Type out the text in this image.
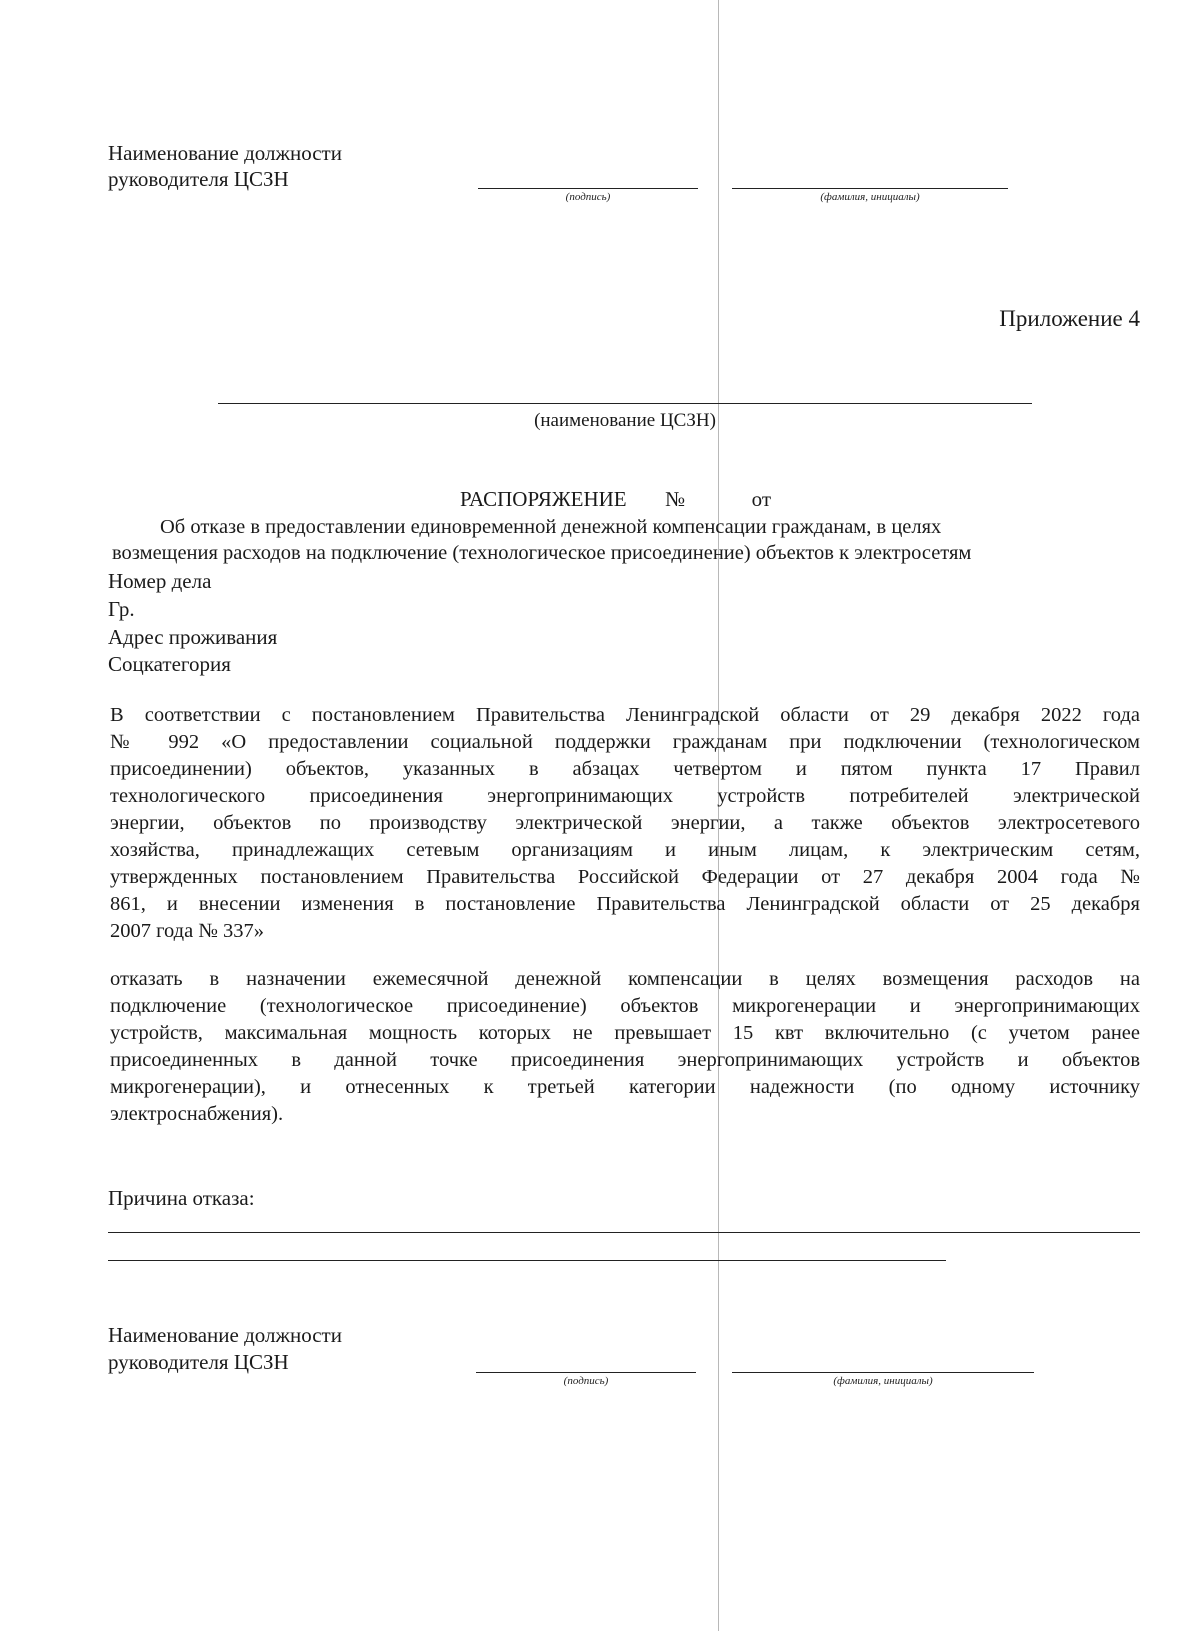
Наименование должности
руководителя ЦСЗН
(подпись)	(фамилия, инициалы)
Приложение 4
(наименование ЦСЗН)
РАСПОРЯЖЕНИЕ №	от
Об отказе в предоставлении единовременной денежной компенсации гражданам, в целях
возмещения расходов на подключение (технологическое присоединение) объектов к электросетям
Номер дела
Гр.
Адрес проживания
Соцкатегория
В соответствии с постановлением Правительства Ленинградской области от 29 декабря 2022 года
№ 992 «О предоставлении социальной поддержки гражданам при подключении (технологическом
присоединении) объектов, указанных в абзацах четвертом и пятом пункта 17 Правил
технологического присоединения энергопринимающих устройств потребителей электрической
энергии, объектов по производству электрической энергии, а также объектов электросетевого
хозяйства, принадлежащих сетевым организациям и иным лицам, к электрическим сетям,
утвержденных постановлением Правительства Российской Федерации от 27 декабря 2004 года №
861, и внесении изменения в постановление Правительства Ленинградской области от 25 декабря
2007 года № 337»
отказать в назначении ежемесячной денежной компенсации в целях возмещения расходов на
подключение (технологическое присоединение) объектов микрогенерации и энергопринимающих
устройств, максимальная мощность которых не превышает 15 квт включительно (с учетом ранее
присоединенных в данной точке присоединения энергопринимающих устройств и объектов
микрогенерации), и отнесенных к третьей категории надежности (по одному источнику
электроснабжения).
Причина отказа:
Наименование должности
руководителя ЦСЗН
(подпись)	(фамилия, инициалы)
